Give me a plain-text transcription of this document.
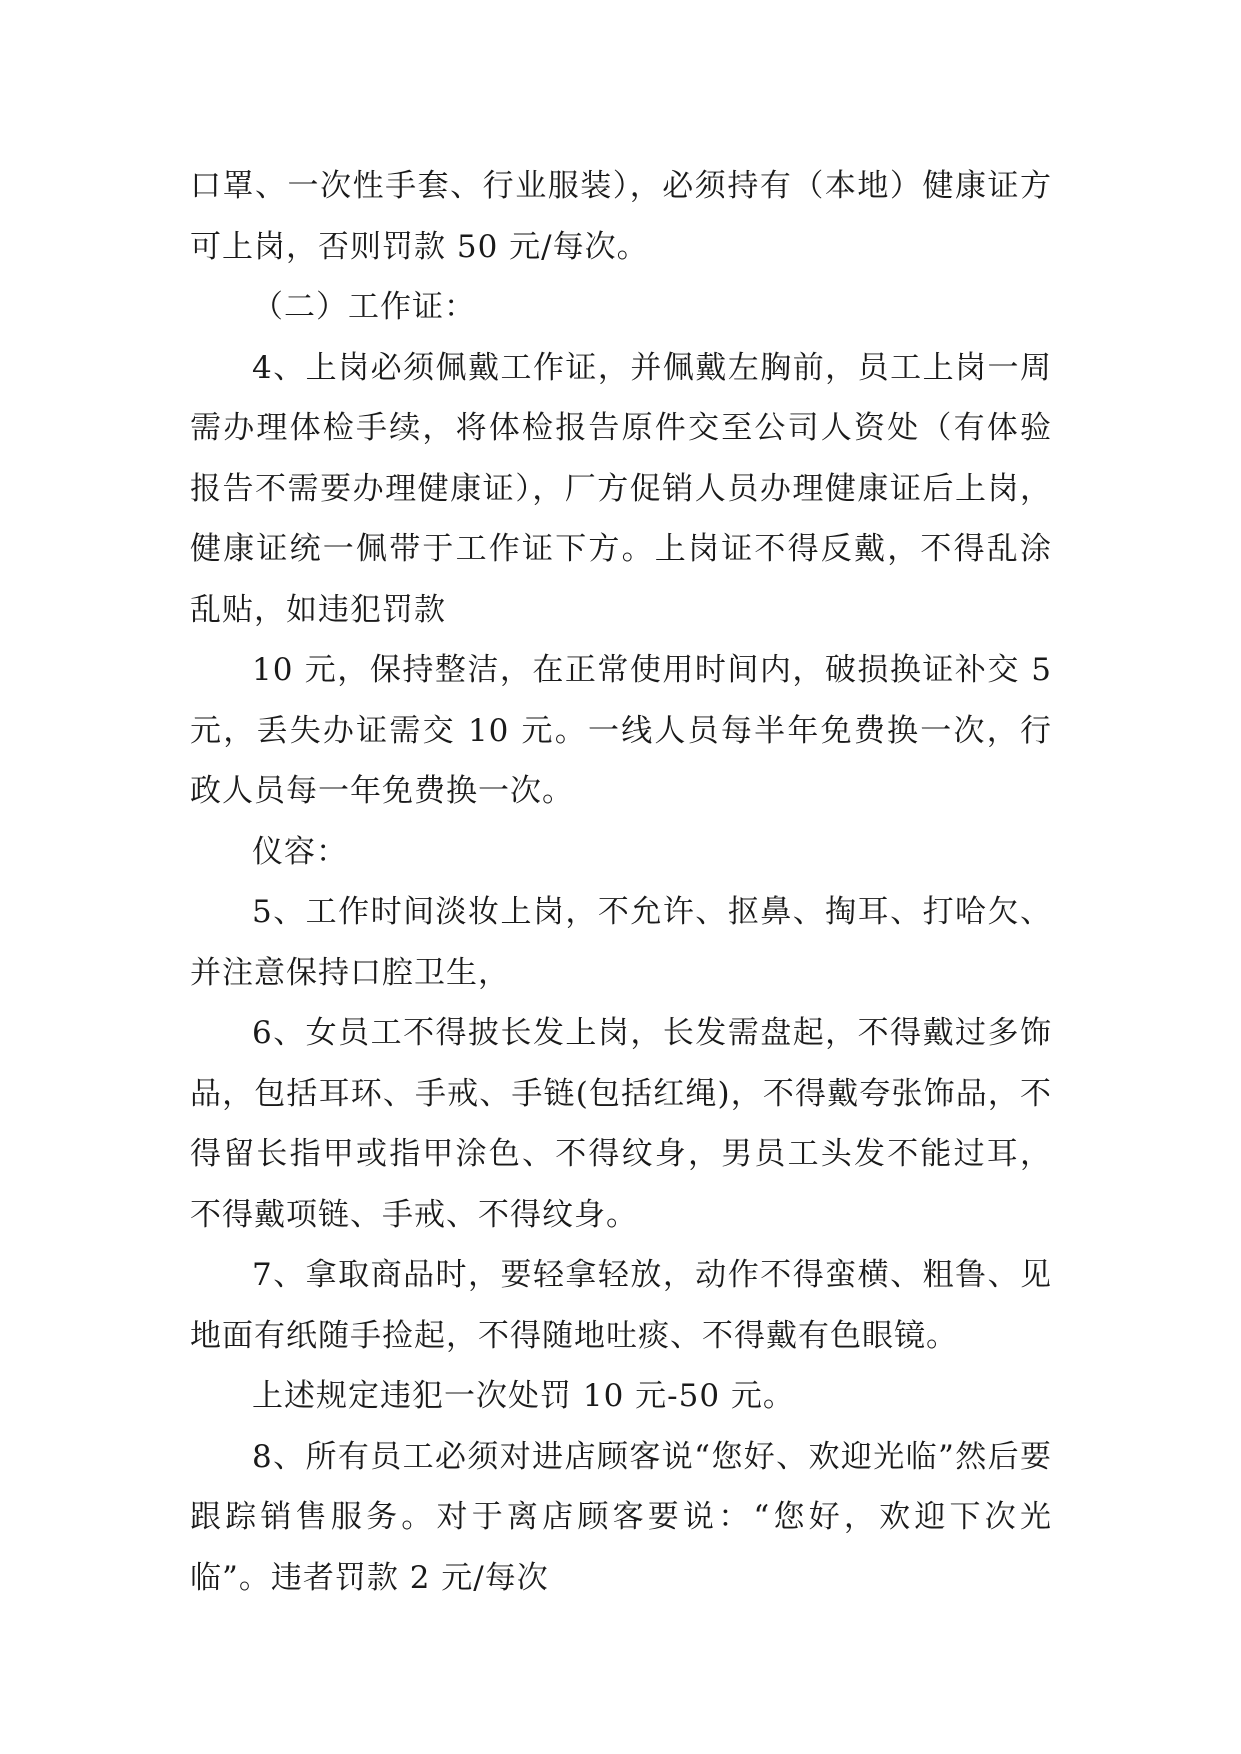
口罩、一次性手套、行业服装），必须持有（本地）健康证方可上岗，否则罚款 50 元/每次。

（二）工作证：

4、上岗必须佩戴工作证，并佩戴左胸前，员工上岗一周需办理体检手续，将体检报告原件交至公司人资处（有体验报告不需要办理健康证），厂方促销人员办理健康证后上岗，健康证统一佩带于工作证下方。上岗证不得反戴，不得乱涂乱贴，如违犯罚款

10 元，保持整洁，在正常使用时间内，破损换证补交 5 元，丢失办证需交 10 元。一线人员每半年免费换一次，行政人员每一年免费换一次。

仪容：

5、工作时间淡妆上岗，不允许、抠鼻、掏耳、打哈欠、并注意保持口腔卫生，

6、女员工不得披长发上岗，长发需盘起，不得戴过多饰品，包括耳环、手戒、手链(包括红绳)，不得戴夸张饰品，不得留长指甲或指甲涂色、不得纹身，男员工头发不能过耳，不得戴项链、手戒、不得纹身。

7、拿取商品时，要轻拿轻放，动作不得蛮横、粗鲁、见地面有纸随手捡起，不得随地吐痰、不得戴有色眼镜。

上述规定违犯一次处罚 10 元-50 元。

8、所有员工必须对进店顾客说“您好、欢迎光临”然后要跟踪销售服务。对于离店顾客要说：“您好，欢迎下次光临”。违者罚款 2 元/每次
